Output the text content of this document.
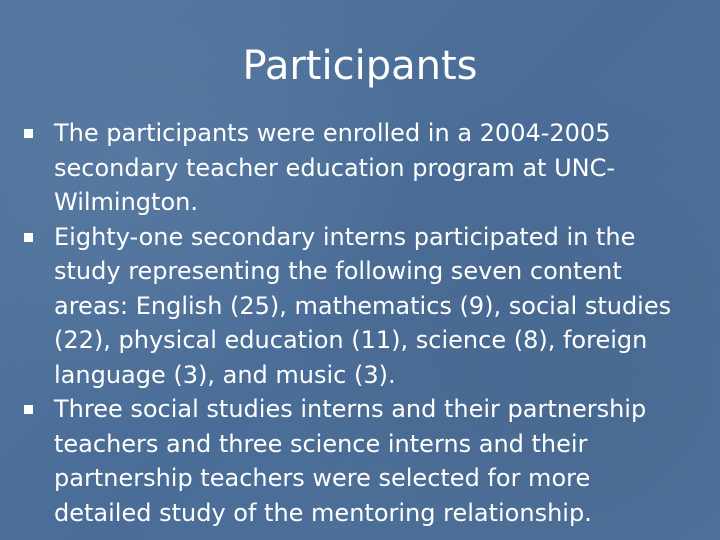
Participants
The participants were enrolled in a 2004-2005 secondary teacher education program at UNC-Wilmington.
Eighty-one secondary interns participated in the study representing the following seven content areas: English (25), mathematics (9), social studies (22), physical education (11), science (8), foreign language (3), and music (3).
Three social studies interns and their partnership teachers and three science interns and their partnership teachers were selected for more detailed study of the mentoring relationship.
